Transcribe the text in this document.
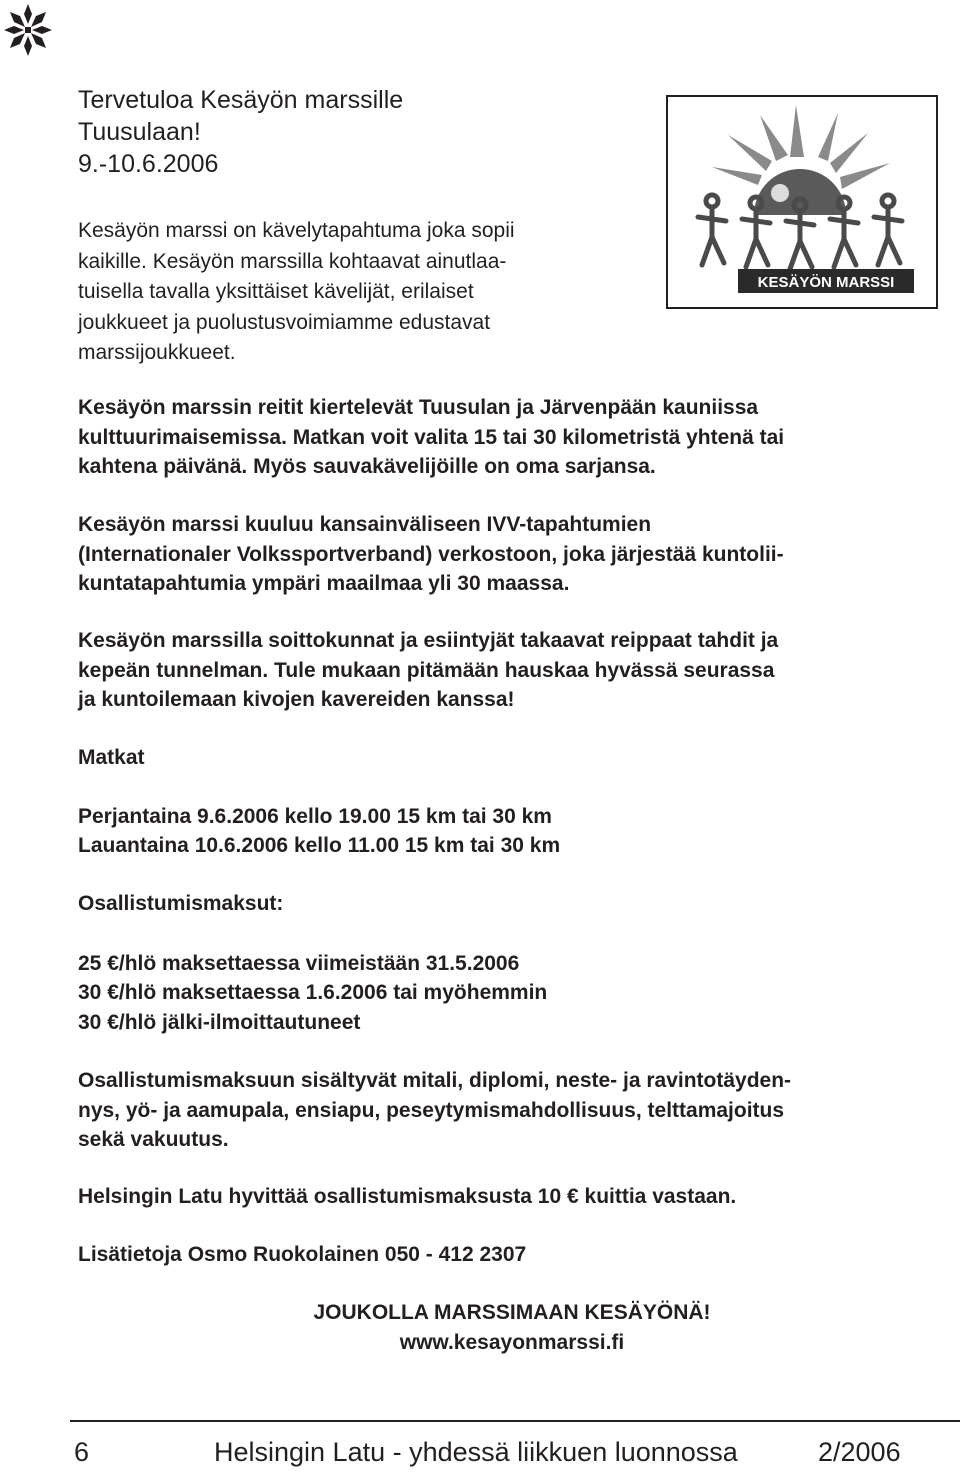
Tervetuloa Kesäyön marssille
Tuusulaan!
9.-10.6.2006
Kesäyön marssi on kävelytapahtuma joka sopii
kaikille. Kesäyön marssilla kohtaavat ainutlaa-
tuisella tavalla yksittäiset kävelijät, erilaiset
joukkueet ja puolustusvoimiamme edustavat
marssijoukkueet.
KESÄYÖN MARSSI
Kesäyön marssin reitit kiertelevät Tuusulan ja Järvenpään kauniissa
kulttuurimaisemissa. Matkan voit valita 15 tai 30 kilometristä yhtenä tai
kahtena päivänä. Myös sauvakävelijöille on oma sarjansa.
Kesäyön marssi kuuluu kansainväliseen IVV-tapahtumien
(Internationaler Volkssportverband) verkostoon, joka järjestää kuntolii-
kuntatapahtumia ympäri maailmaa yli 30 maassa.
Kesäyön marssilla soittokunnat ja esiintyjät takaavat reippaat tahdit ja
kepeän tunnelman. Tule mukaan pitämään hauskaa hyvässä seurassa
ja kuntoilemaan kivojen kavereiden kanssa!
Matkat
Perjantaina 9.6.2006 kello 19.00 15 km tai 30 km
Lauantaina 10.6.2006 kello 11.00 15 km tai 30 km
Osallistumismaksut:
25 €/hlö maksettaessa viimeistään 31.5.2006
30 €/hlö maksettaessa 1.6.2006 tai myöhemmin
30 €/hlö jälki-ilmoittautuneet
Osallistumismaksuun sisältyvät mitali, diplomi, neste- ja ravintotäyden-
nys, yö- ja aamupala, ensiapu, peseytymismahdollisuus, telttamajoitus
sekä vakuutus.
Helsingin Latu hyvittää osallistumismaksusta 10 € kuittia vastaan.
Lisätietoja Osmo Ruokolainen 050 - 412 2307
JOUKOLLA MARSSIMAAN KESÄYÖNÄ!
www.kesayonmarssi.fi
6	Helsingin Latu - yhdessä liikkuen luonnossa	2/2006
